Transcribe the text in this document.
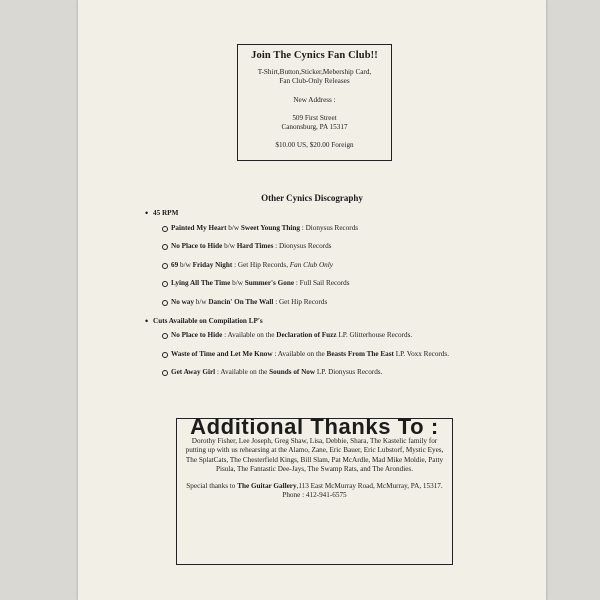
Join The Cynics Fan Club!!
T-Shirt,Button,Sticker,Mebership Card,
Fan Club-Only Releases
New Address :
509 First Street
Canonsburg, PA 15317
$10.00 US, $20.00 Foreign
Other Cynics Discography
• 45 RPM
Painted My Heart b/w Sweet Young Thing : Dionysus Records
No Place to Hide b/w Hard Times : Dionysus Records
69 b/w Friday Night : Get Hip Records, Fan Club Only
Lying All The Time b/w Summer's Gone : Full Sail Records
No way b/w Dancin' On The Wall : Get Hip Records
• Cuts Available on Compilation LP's
No Place to Hide : Available on the Declaration of Fuzz LP. Glitterhouse Records.
Waste of Time and Let Me Know : Available on the Beasts From The East LP. Voxx Records.
Get Away Girl : Available on the Sounds of Now LP. Dionysus Records.
Additional Thanks To :
Dorothy Fisher, Lee Joseph, Greg Shaw, Lisa, Debbie, Shara, The Kastelic family for putting up with us rehearsing at the Alamo, Zane, Eric Bauer, Eric Lubstorf, Mystic Eyes, The SplatCats, The Chesterfield Kings, Bill Slam, Pat McArdle, Mad Mike Moldie, Patty Pisula, The Fantastic Dee-Jays, The Swamp Rats, and The Arondies.
Special thanks to The Guitar Gallery,113 East McMurray Road, McMurray, PA, 15317. Phone : 412-941-6575
